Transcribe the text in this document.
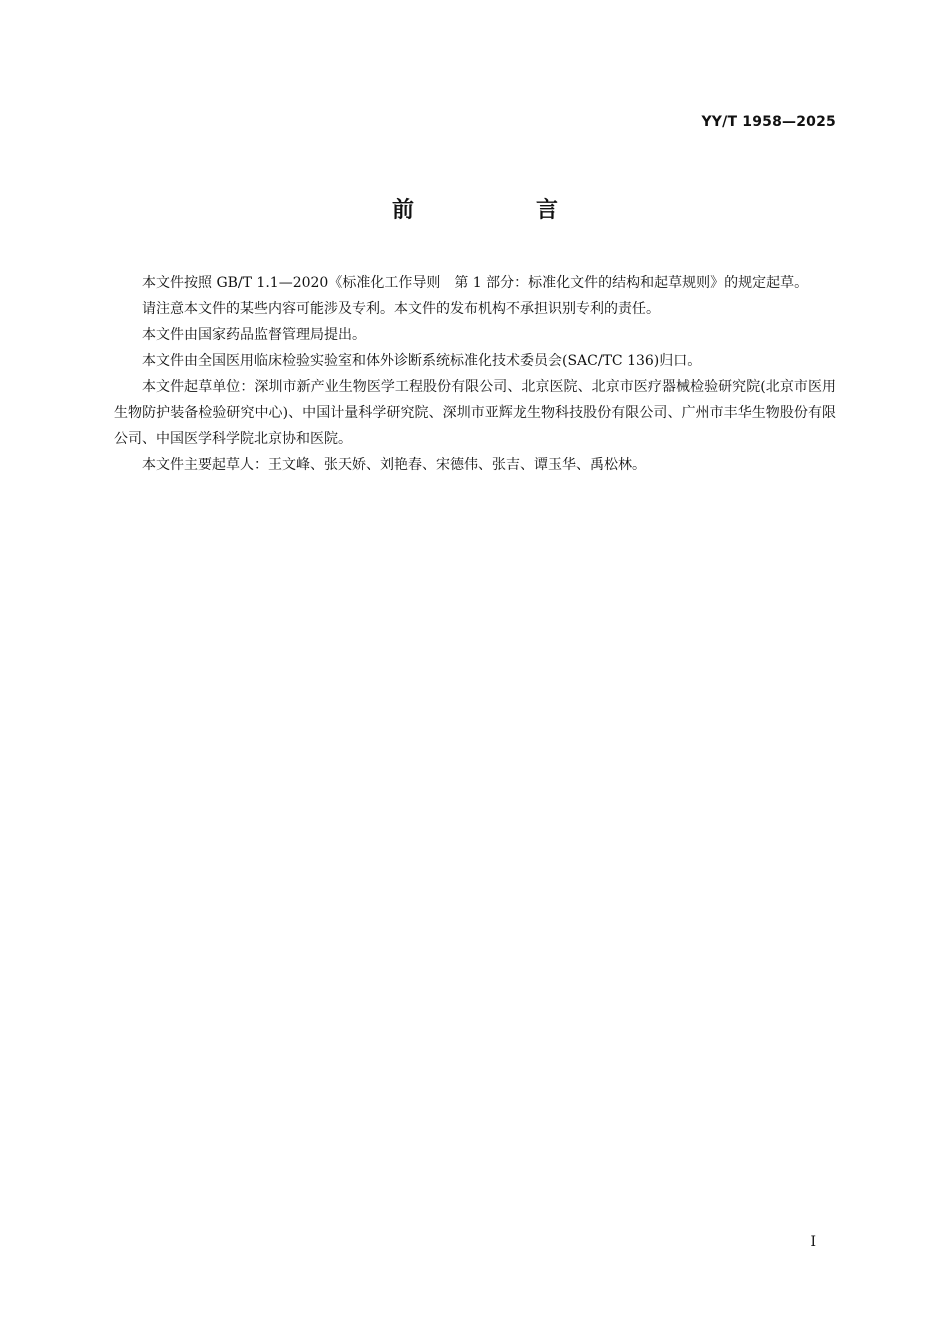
YY/T 1958—2025
前　言

本文件按照 GB/T 1.1—2020《标准化工作导则　第 1 部分：标准化文件的结构和起草规则》的规定起草。

请注意本文件的某些内容可能涉及专利。本文件的发布机构不承担识别专利的责任。

本文件由国家药品监督管理局提出。

本文件由全国医用临床检验实验室和体外诊断系统标准化技术委员会(SAC/TC 136)归口。

本文件起草单位：深圳市新产业生物医学工程股份有限公司、北京医院、北京市医疗器械检验研究院(北京市医用生物防护装备检验研究中心)、中国计量科学研究院、深圳市亚辉龙生物科技股份有限公司、广州市丰华生物股份有限公司、中国医学科学院北京协和医院。

本文件主要起草人：王文峰、张天娇、刘艳春、宋德伟、张吉、谭玉华、禹松林。

I
